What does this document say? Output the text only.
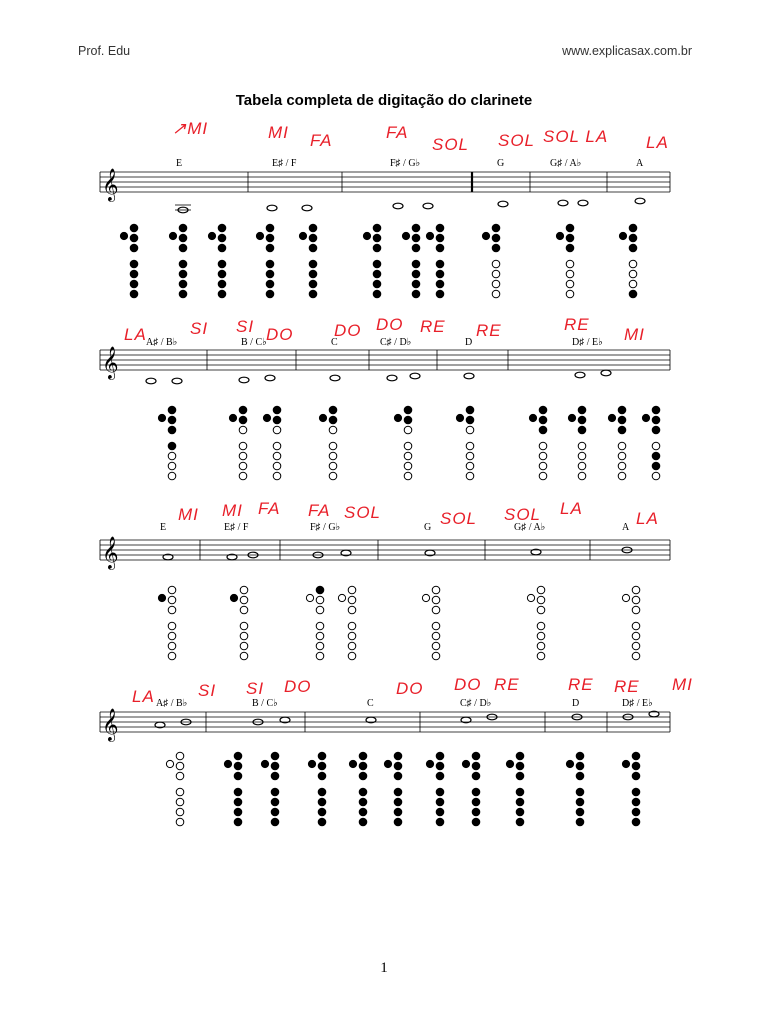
Prof. Edu	www.explicasax.com.br
Tabela completa de digitação do clarinete
𝄞
E	E♯ / F	F♯ / G♭	G	G♯ / A♭	A
↗MI	MI FA	FA
SOL SOL SOL LA LA
𝄞
A♯ / B♭	B / C♭	C	C♯ / D♭	D	D♯ / E♭
LA	SI SI DO DO DO RE RE	RE
MI
𝄞
E	E♯ / F	F♯ / G♭	G	G♯ / A♭	A
MI MI FA FA SOL	SOL SOL LA
LA
𝄞
A♯ / B♭	B / C♭	C	C♯ / D♭	D	D♯ / E♭
LA	SI SI DO	DO DO RE	RE RE MI
1
